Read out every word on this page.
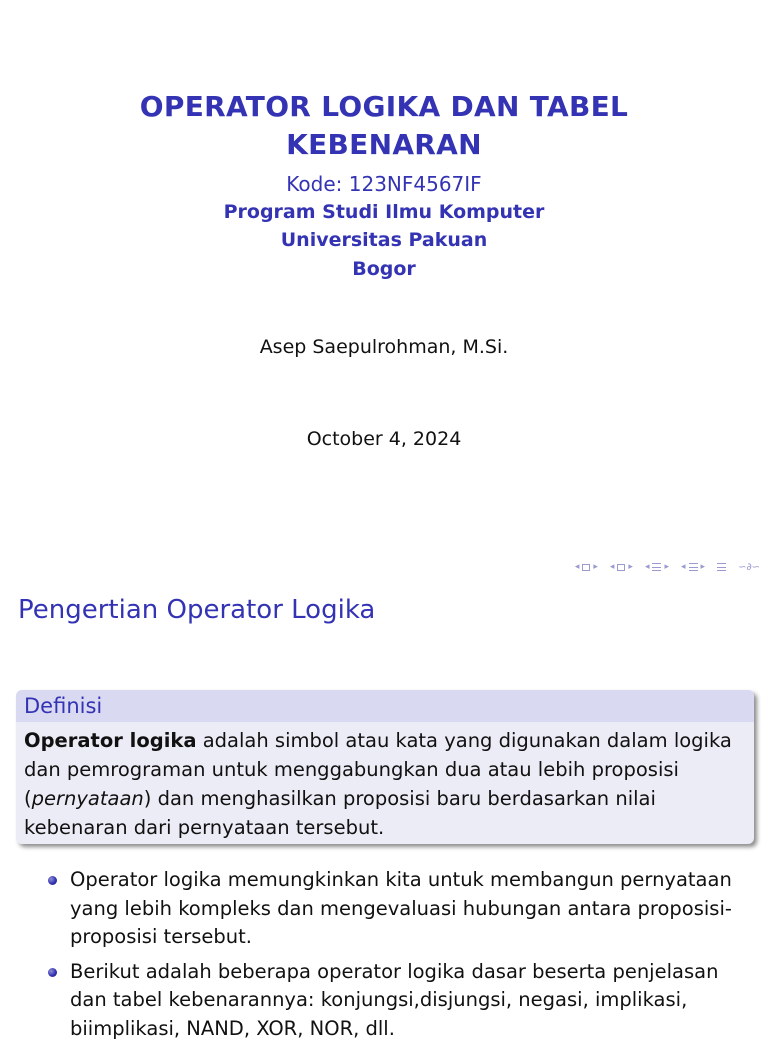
OPERATOR LOGIKA DAN TABEL
KEBENARAN
Kode: 123NF4567IF
Program Studi Ilmu Komputer
Universitas Pakuan
Bogor
Asep Saepulrohman, M.Si.
October 4, 2024
◂ ▸ ◂ ▸ ◂ ▸ ◂ ▸	∽∂∽
Pengertian Operator Logika
Definisi
Operator logika adalah simbol atau kata yang digunakan dalam logika dan pemrograman untuk menggabungkan dua atau lebih proposisi (pernyataan) dan menghasilkan proposisi baru berdasarkan nilai kebenaran dari pernyataan tersebut.
Operator logika memungkinkan kita untuk membangun pernyataan yang lebih kompleks dan mengevaluasi hubungan antara proposisi-proposisi tersebut.
Berikut adalah beberapa operator logika dasar beserta penjelasan dan tabel kebenarannya: konjungsi,disjungsi, negasi, implikasi, biimplikasi, NAND, XOR, NOR, dll.
